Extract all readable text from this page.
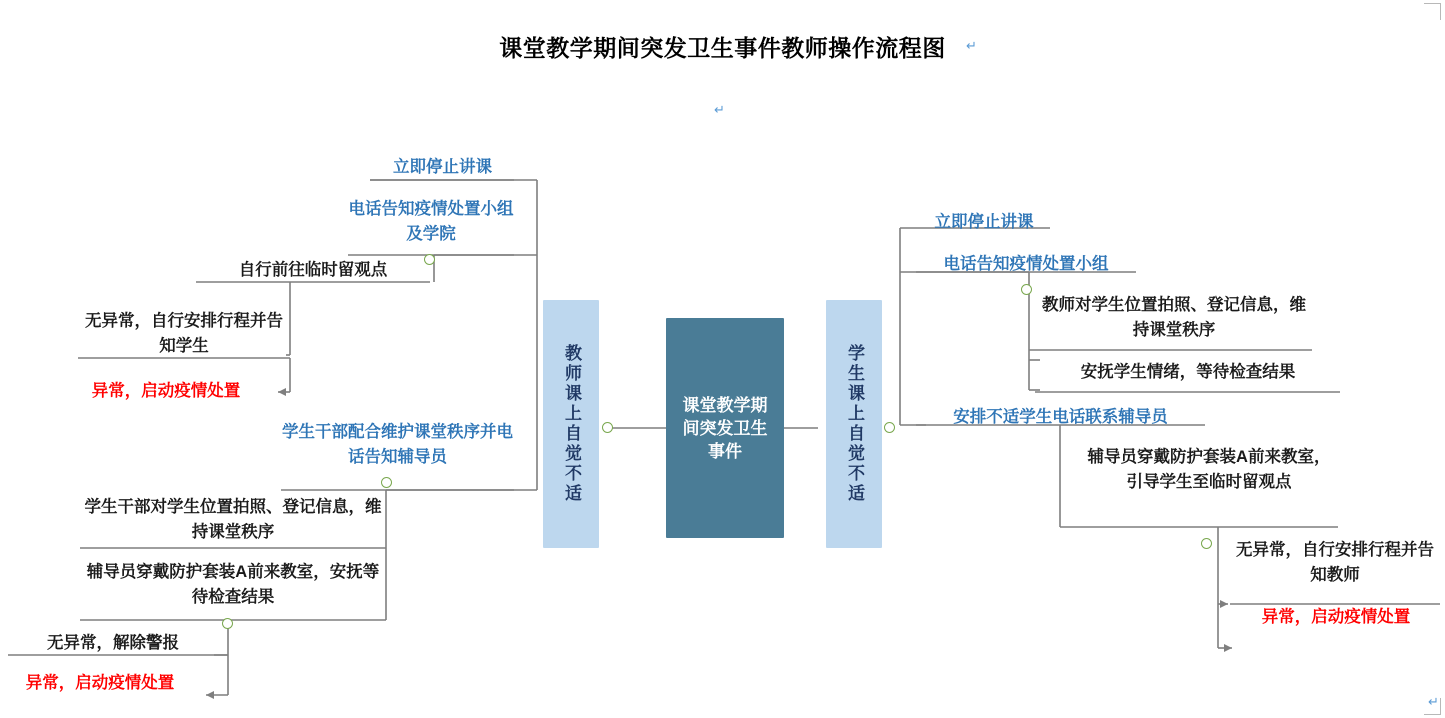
课堂教学期间突发卫生事件教师操作流程图	↵
↵
↵
课堂教学期间突发卫生事件
教师课上自觉不适	学生课上自觉不适
立即停止讲课
电话告知疫情处置小组及学院
自行前往临时留观点
无异常，自行安排行程并告知学生
异常，启动疫情处置
学生干部配合维护课堂秩序并电话告知辅导员
学生干部对学生位置拍照、登记信息，维持课堂秩序
辅导员穿戴防护套装A前来教室，安抚等待检查结果
无异常，解除警报
异常，启动疫情处置
立即停止讲课
电话告知疫情处置小组
教师对学生位置拍照、登记信息，维持课堂秩序
安抚学生情绪，等待检查结果
安排不适学生电话联系辅导员
辅导员穿戴防护套装A前来教室，引导学生至临时留观点
无异常，自行安排行程并告知教师
异常，启动疫情处置
